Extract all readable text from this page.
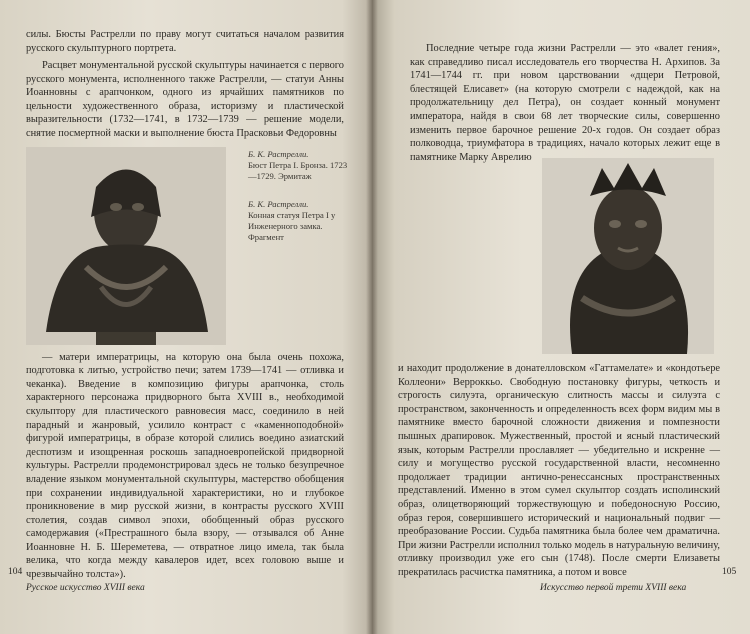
силы. Бюсты Растрелли по праву могут считаться началом развития русского скульптурного портрета.

Б. К. Растрелли.
Бюст Петра I. Бронза. 1723—1729. Эрмитаж
Б. К. Растрелли.
Конная статуя Петра I у Инженерного замка. Фрагмент
Расцвет монументальной русской скульптуры начинается с первого русского монумента, исполненного также Растрелли, — статуи Анны Иоанновны с арапчонком, одного из ярчайших памятников по цельности художественного образа, историзму и пластической выразительности (1732—1741, в 1732—1739 — решение модели, снятие посмертной маски и выполнение бюста Прасковьи Федоровны
— матери императрицы, на которую она была очень похожа, подготовка к литью, устройство печи; затем 1739—1741 — отливка и чеканка). Введение в композицию фигуры арапчонка, столь характерного персонажа придворного быта XVIII в., необходимой скульптору для пластического равновесия масс, соединило в ней парадный и жанровый, усилило контраст с «каменноподобной» фигурой императрицы, в образе которой слились воедино азиатский деспотизм и изощренная роскошь западноевропейской придворной культуры. Растрелли продемонстрировал здесь не только безупречное владение языком монументальной скульптуры, мастерство обобщения при сохранении индивидуальной характеристики, но и глубокое проникновение в мир русской жизни, в контрасты русского XVIII столетия, создав символ эпохи, обобщенный образ русского самодержавия («Престрашного была взору, — отзывался об Анне Иоанновне Н. Б. Шереметева, — отвратное лицо имела, так была велика, что когда между кавалеров идет, всех головою выше и чрезвычайно толста»).
104
Русское искусство XVIII века

Последние четыре года жизни Растрелли — это «валет гения», как справедливо писал исследователь его творчества Н. Архипов. За 1741—1744 гг. при новом царствовании «дщери Петровой, блестящей Елисавет» (на которую смотрели с надеждой, как на продолжательницу дел Петра), он создает конный монумент императора, найдя в свои 68 лет творческие силы, совершенно изменить первое барочное решение 20-х годов. Он создает образ полководца, триумфатора в традициях, начало которых лежит еще в памятнике Марку Аврелию

и находит продолжение в донателловском «Гаттамелате» и «кондотьере Коллеони» Верроккьо. Свободную постановку фигуры, четкость и строгость силуэта, органическую слитность массы и силуэта с пространством, законченность и определенность всех форм видим мы в памятнике вместо барочной сложности движения и помпезности пышных драпировок. Мужественный, простой и ясный пластический язык, которым Растрелли прославляет — убедительно и искренне — силу и могущество русской государственной власти, несомненно продолжает традиции антично-ренессансных пространственных представлений. Именно в этом сумел скульптор создать исполинский образ, олицетворяющий торжествующую и победоносную Россию, образ героя, совершившего исторический и национальный подвиг — преобразование России. Судьба памятника была более чем драматична. При жизни Растрелли исполнил только модель в натуральную величину, отливку производил уже его сын (1748). После смерти Елизаветы прекратилась расчистка памятника, а потом и вовсе	105
Искусство первой трети XVIII века
